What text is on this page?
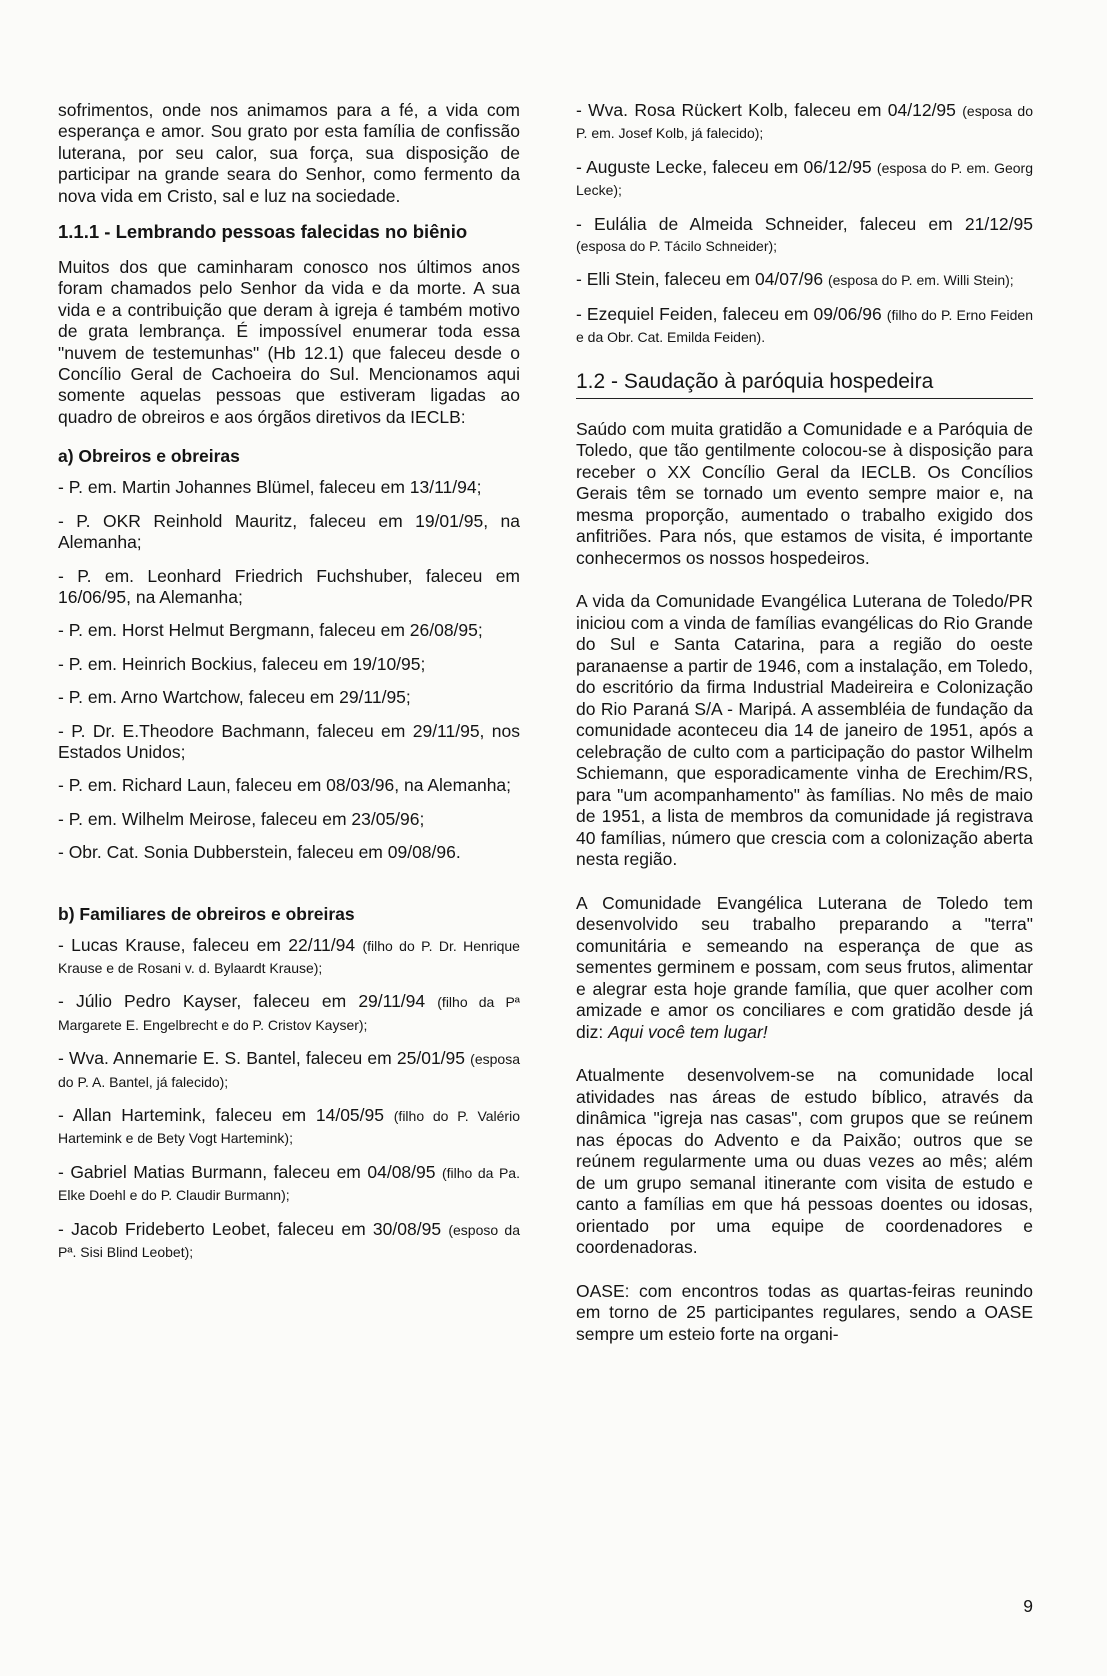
sofrimentos, onde nos animamos para a fé, a vida com esperança e amor. Sou grato por esta família de confissão luterana, por seu calor, sua força, sua disposição de participar na grande seara do Senhor, como fermento da nova vida em Cristo, sal e luz na sociedade.

1.1.1 - Lembrando pessoas falecidas no biênio

Muitos dos que caminharam conosco nos últimos anos foram chamados pelo Senhor da vida e da morte. A sua vida e a contribuição que deram à igreja é também motivo de grata lembrança. É impossível enumerar toda essa "nuvem de testemunhas" (Hb 12.1) que faleceu desde o Concílio Geral de Cachoeira do Sul. Mencionamos aqui somente aquelas pessoas que estiveram ligadas ao quadro de obreiros e aos órgãos diretivos da IECLB:

a) Obreiros e obreiras

- P. em. Martin Johannes Blümel, faleceu em 13/11/94;

- P. OKR Reinhold Mauritz, faleceu em 19/01/95, na Alemanha;

- P. em. Leonhard Friedrich Fuchshuber, faleceu em 16/06/95, na Alemanha;

- P. em. Horst Helmut Bergmann, faleceu em 26/08/95;

- P. em. Heinrich Bockius, faleceu em 19/10/95;

- P. em. Arno Wartchow, faleceu em 29/11/95;

- P. Dr. E.Theodore Bachmann, faleceu em 29/11/95, nos Estados Unidos;

- P. em. Richard Laun, faleceu em 08/03/96, na Alemanha;

- P. em. Wilhelm Meirose, faleceu em 23/05/96;

- Obr. Cat. Sonia Dubberstein, faleceu em 09/08/96.

b) Familiares de obreiros e obreiras

- Lucas Krause, faleceu em 22/11/94 (filho do P. Dr. Henrique Krause e de Rosani v. d. Bylaardt Krause);

- Júlio Pedro Kayser, faleceu em 29/11/94 (filho da Pª Margarete E. Engelbrecht e do P. Cristov Kayser);

- Wva. Annemarie E. S. Bantel, faleceu em 25/01/95 (esposa do P. A. Bantel, já falecido);

- Allan Hartemink, faleceu em 14/05/95 (filho do P. Valério Hartemink e de Bety Vogt Hartemink);

- Gabriel Matias Burmann, faleceu em 04/08/95 (filho da Pa. Elke Doehl e do P. Claudir Burmann);

- Jacob Frideberto Leobet, faleceu em 30/08/95 (esposo da Pª. Sisi Blind Leobet);

- Wva. Rosa Rückert Kolb, faleceu em 04/12/95 (esposa do P. em. Josef Kolb, já falecido);

- Auguste Lecke, faleceu em 06/12/95 (esposa do P. em. Georg Lecke);

- Eulália de Almeida Schneider, faleceu em 21/12/95 (esposa do P. Tácilo Schneider);

- Elli Stein, faleceu em 04/07/96 (esposa do P. em. Willi Stein);

- Ezequiel Feiden, faleceu em 09/06/96 (filho do P. Erno Feiden e da Obr. Cat. Emilda Feiden).

1.2 - Saudação à paróquia hospedeira

Saúdo com muita gratidão a Comunidade e a Paróquia de Toledo, que tão gentilmente colocou-se à disposição para receber o XX Concílio Geral da IECLB. Os Concílios Gerais têm se tornado um evento sempre maior e, na mesma proporção, aumentado o trabalho exigido dos anfitriões. Para nós, que estamos de visita, é importante conhecermos os nossos hospedeiros.

A vida da Comunidade Evangélica Luterana de Toledo/PR iniciou com a vinda de famílias evangélicas do Rio Grande do Sul e Santa Catarina, para a região do oeste paranaense a partir de 1946, com a instalação, em Toledo, do escritório da firma Industrial Madeireira e Colonização do Rio Paraná S/A - Maripá. A assembléia de fundação da comunidade aconteceu dia 14 de janeiro de 1951, após a celebração de culto com a participação do pastor Wilhelm Schiemann, que esporadicamente vinha de Erechim/RS, para "um acompanhamento" às famílias. No mês de maio de 1951, a lista de membros da comunidade já registrava 40 famílias, número que crescia com a colonização aberta nesta região.

A Comunidade Evangélica Luterana de Toledo tem desenvolvido seu trabalho preparando a "terra" comunitária e semeando na esperança de que as sementes germinem e possam, com seus frutos, alimentar e alegrar esta hoje grande família, que quer acolher com amizade e amor os conciliares e com gratidão desde já diz: Aqui você tem lugar!

Atualmente desenvolvem-se na comunidade local atividades nas áreas de estudo bíblico, através da dinâmica "igreja nas casas", com grupos que se reúnem nas épocas do Advento e da Paixão; outros que se reúnem regularmente uma ou duas vezes ao mês; além de um grupo semanal itinerante com visita de estudo e canto a famílias em que há pessoas doentes ou idosas, orientado por uma equipe de coordenadores e coordenadoras.

OASE: com encontros todas as quartas-feiras reunindo em torno de 25 participantes regulares, sendo a OASE sempre um esteio forte na organi-

9
